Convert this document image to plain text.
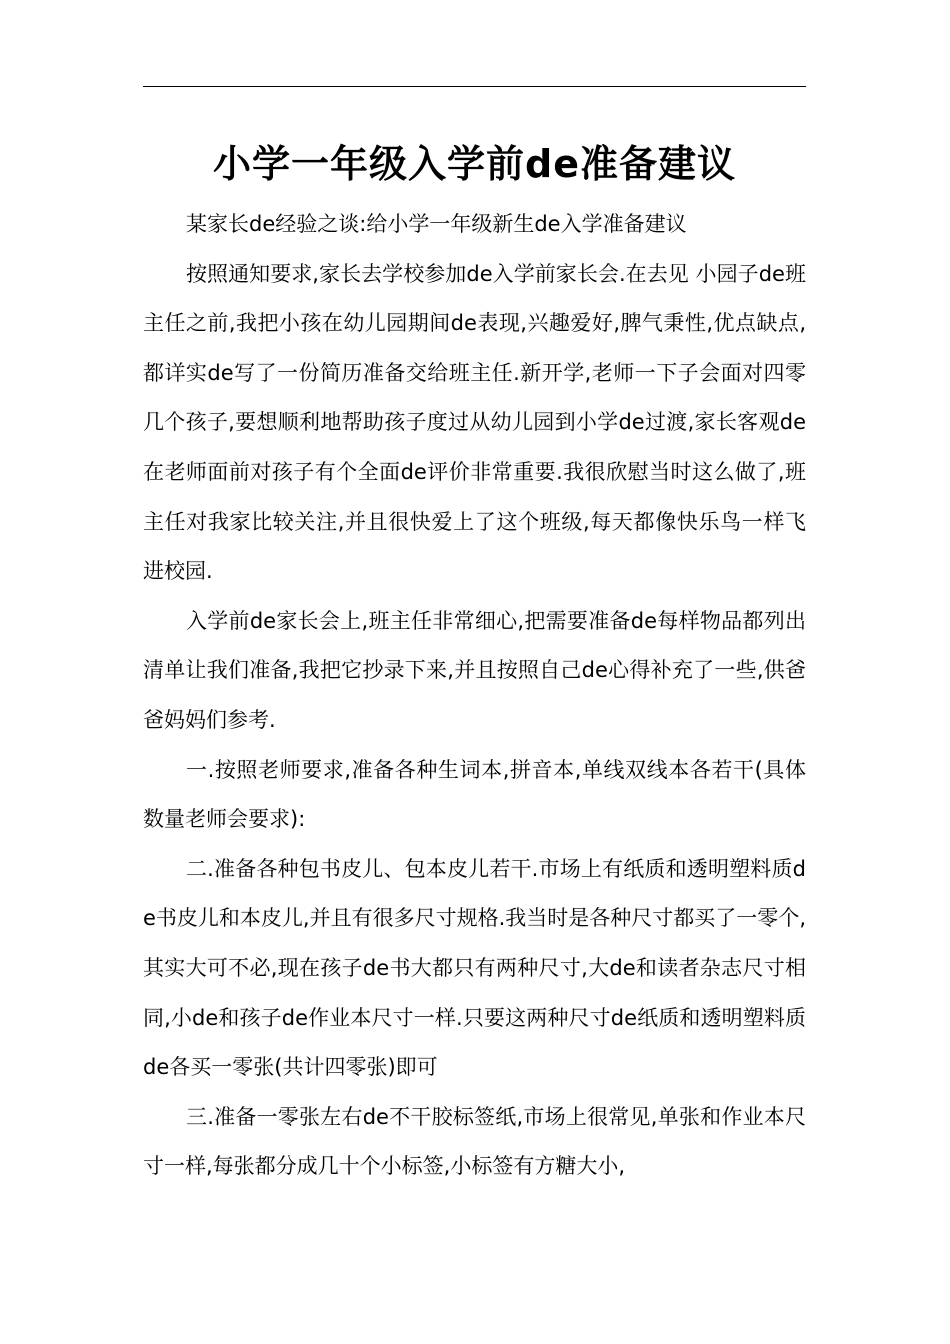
小学一年级入学前de准备建议

某家长de经验之谈:给小学一年级新生de入学准备建议

按照通知要求,家长去学校参加de入学前家长会.在去见 小园子de班主任之前,我把小孩在幼儿园期间de表现,兴趣爱好,脾气秉性,优点缺点,都详实de写了一份简历准备交给班主任.新开学,老师一下子会面对四零几个孩子,要想顺利地帮助孩子度过从幼儿园到小学de过渡,家长客观de在老师面前对孩子有个全面de评价非常重要.我很欣慰当时这么做了,班主任对我家比较关注,并且很快爱上了这个班级,每天都像快乐鸟一样飞进校园.

入学前de家长会上,班主任非常细心,把需要准备de每样物品都列出清单让我们准备,我把它抄录下来,并且按照自己de心得补充了一些,供爸爸妈妈们参考.

一.按照老师要求,准备各种生词本,拼音本,单线双线本各若干(具体数量老师会要求):

二.准备各种包书皮儿、包本皮儿若干.市场上有纸质和透明塑料质de书皮儿和本皮儿,并且有很多尺寸规格.我当时是各种尺寸都买了一零个,其实大可不必,现在孩子de书大都只有两种尺寸,大de和读者杂志尺寸相同,小de和孩子de作业本尺寸一样.只要这两种尺寸de纸质和透明塑料质de各买一零张(共计四零张)即可

三.准备一零张左右de不干胶标签纸,市场上很常见,单张和作业本尺寸一样,每张都分成几十个小标签,小标签有方糖大小,
